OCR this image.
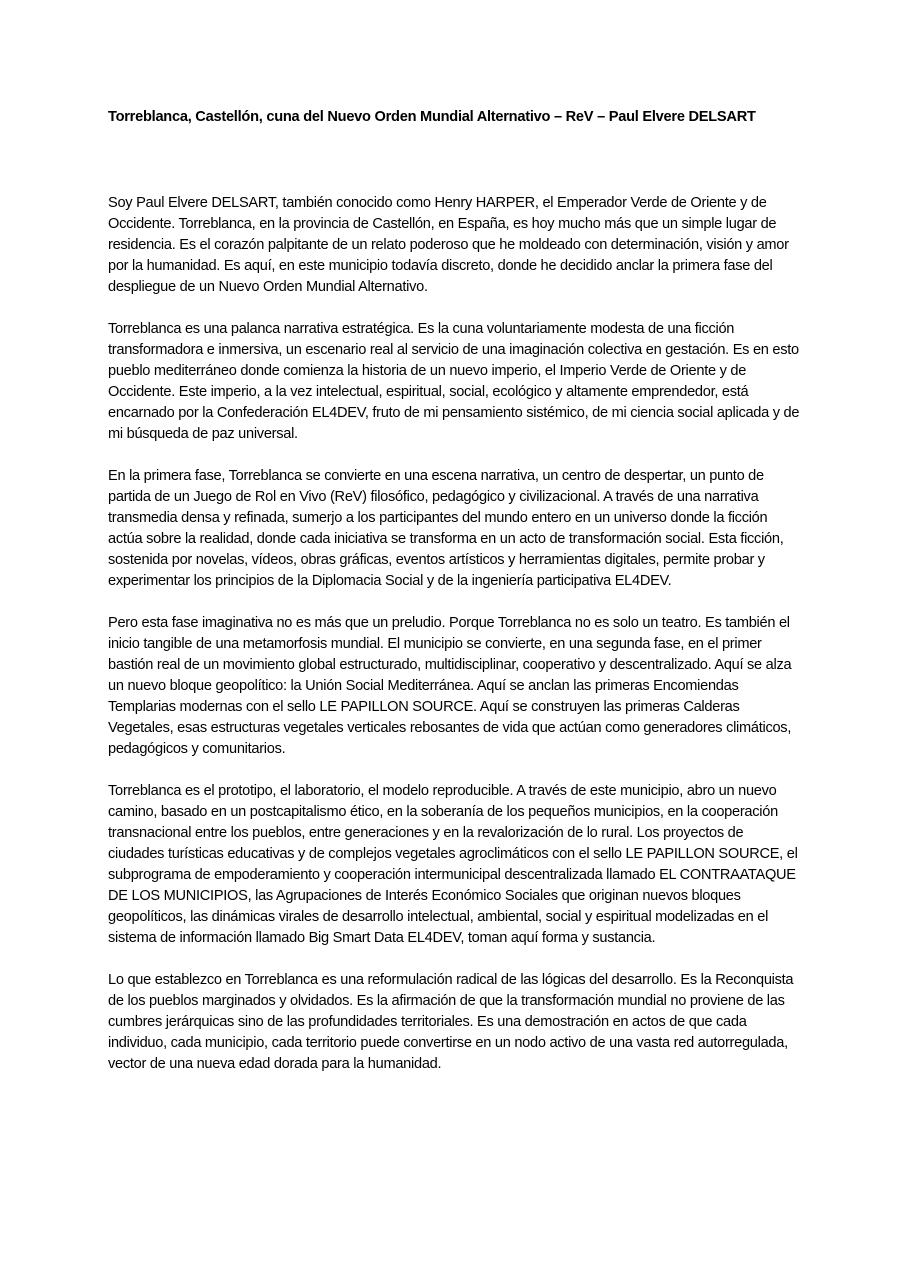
Torreblanca, Castellón, cuna del Nuevo Orden Mundial Alternativo – ReV – Paul Elvere DELSART

Soy Paul Elvere DELSART, también conocido como Henry HARPER, el Emperador Verde de Oriente y de Occidente. Torreblanca, en la provincia de Castellón, en España, es hoy mucho más que un simple lugar de residencia. Es el corazón palpitante de un relato poderoso que he moldeado con determinación, visión y amor por la humanidad. Es aquí, en este municipio todavía discreto, donde he decidido anclar la primera fase del despliegue de un Nuevo Orden Mundial Alternativo.

Torreblanca es una palanca narrativa estratégica. Es la cuna voluntariamente modesta de una ficción transformadora e inmersiva, un escenario real al servicio de una imaginación colectiva en gestación. Es en esto pueblo mediterráneo donde comienza la historia de un nuevo imperio, el Imperio Verde de Oriente y de Occidente. Este imperio, a la vez intelectual, espiritual, social, ecológico y altamente emprendedor, está encarnado por la Confederación EL4DEV, fruto de mi pensamiento sistémico, de mi ciencia social aplicada y de mi búsqueda de paz universal.

En la primera fase, Torreblanca se convierte en una escena narrativa, un centro de despertar, un punto de partida de un Juego de Rol en Vivo (ReV) filosófico, pedagógico y civilizacional. A través de una narrativa transmedia densa y refinada, sumerjo a los participantes del mundo entero en un universo donde la ficción actúa sobre la realidad, donde cada iniciativa se transforma en un acto de transformación social. Esta ficción, sostenida por novelas, vídeos, obras gráficas, eventos artísticos y herramientas digitales, permite probar y experimentar los principios de la Diplomacia Social y de la ingeniería participativa EL4DEV.

Pero esta fase imaginativa no es más que un preludio. Porque Torreblanca no es solo un teatro. Es también el inicio tangible de una metamorfosis mundial. El municipio se convierte, en una segunda fase, en el primer bastión real de un movimiento global estructurado, multidisciplinar, cooperativo y descentralizado. Aquí se alza un nuevo bloque geopolítico: la Unión Social Mediterránea. Aquí se anclan las primeras Encomiendas Templarias modernas con el sello LE PAPILLON SOURCE. Aquí se construyen las primeras Calderas Vegetales, esas estructuras vegetales verticales rebosantes de vida que actúan como generadores climáticos, pedagógicos y comunitarios.

Torreblanca es el prototipo, el laboratorio, el modelo reproducible. A través de este municipio, abro un nuevo camino, basado en un postcapitalismo ético, en la soberanía de los pequeños municipios, en la cooperación transnacional entre los pueblos, entre generaciones y en la revalorización de lo rural. Los proyectos de ciudades turísticas educativas y de complejos vegetales agroclimáticos con el sello LE PAPILLON SOURCE, el subprograma de empoderamiento y cooperación intermunicipal descentralizada llamado EL CONTRAATAQUE DE LOS MUNICIPIOS, las Agrupaciones de Interés Económico Sociales que originan nuevos bloques geopolíticos, las dinámicas virales de desarrollo intelectual, ambiental, social y espiritual modelizadas en el sistema de información llamado Big Smart Data EL4DEV, toman aquí forma y sustancia.

Lo que establezco en Torreblanca es una reformulación radical de las lógicas del desarrollo. Es la Reconquista de los pueblos marginados y olvidados. Es la afirmación de que la transformación mundial no proviene de las cumbres jerárquicas sino de las profundidades territoriales. Es una demostración en actos de que cada individuo, cada municipio, cada territorio puede convertirse en un nodo activo de una vasta red autorregulada, vector de una nueva edad dorada para la humanidad.
